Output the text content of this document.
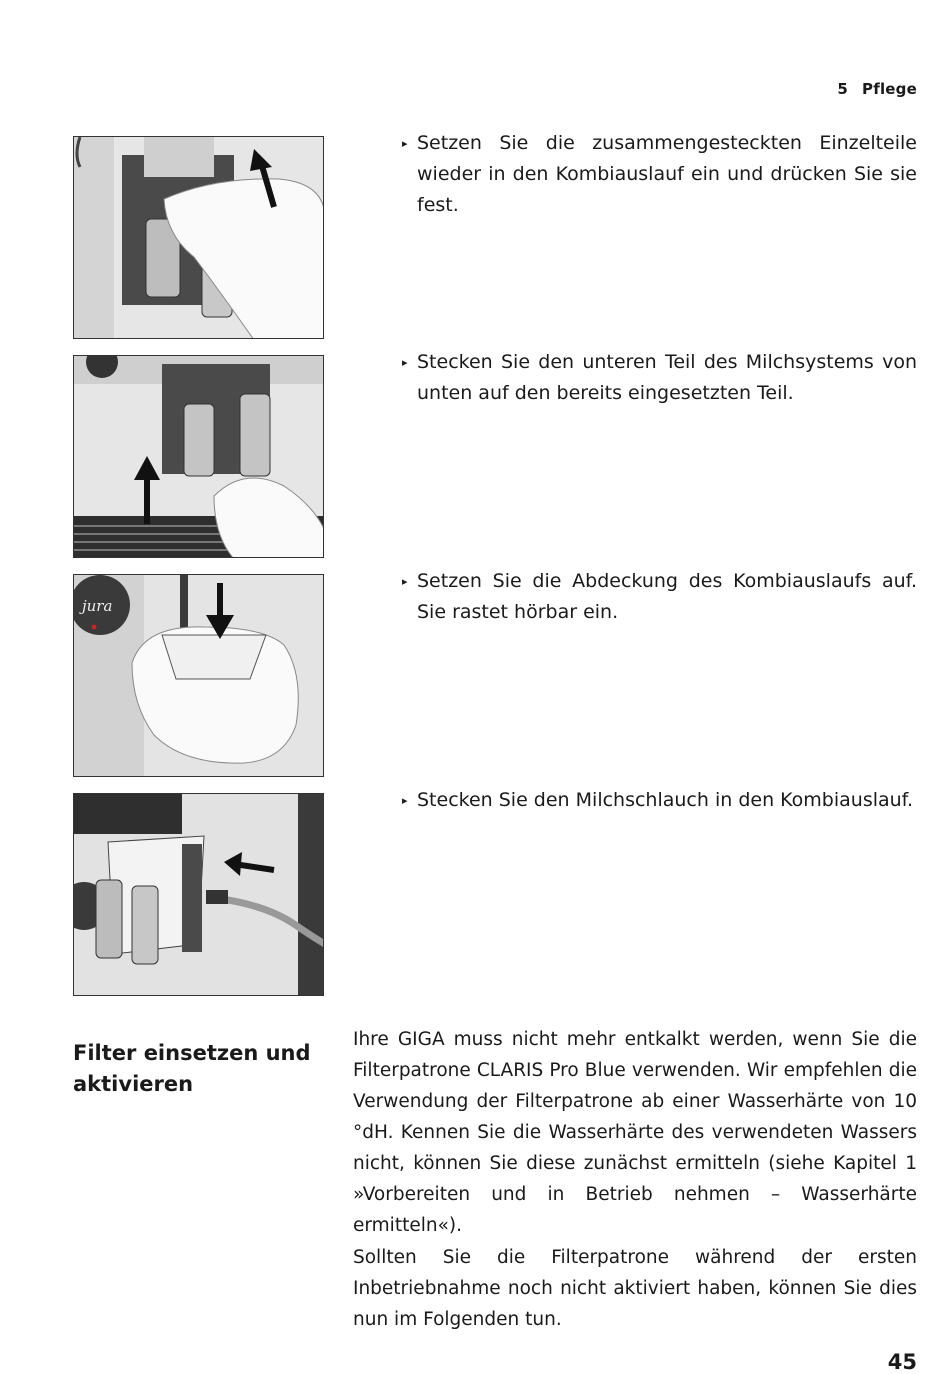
5 Pflege
▸ Setzen Sie die zusammengesteckten Einzelteile wieder in den Kombiauslauf ein und drücken Sie sie fest.
▸ Stecken Sie den unteren Teil des Milchsystems von unten auf den bereits eingesetzten Teil.
jura
▸ Setzen Sie die Abdeckung des Kombiauslaufs auf. Sie rastet hörbar ein.
▸ Stecken Sie den Milchschlauch in den Kombiauslauf.
Filter einsetzen und aktivieren

Ihre GIGA muss nicht mehr entkalkt werden, wenn Sie die Filterpatrone CLARIS Pro Blue verwenden. Wir empfehlen die Verwendung der Filterpatrone ab einer Wasserhärte von 10 °dH. Kennen Sie die Wasserhärte des verwendeten Wassers nicht, können Sie diese zunächst ermitteln (siehe Kapitel 1 »Vorbereiten und in Betrieb nehmen – Wasserhärte ermitteln«).

Sollten Sie die Filterpatrone während der ersten Inbetriebnahme noch nicht aktiviert haben, können Sie dies nun im Folgenden tun.

45
